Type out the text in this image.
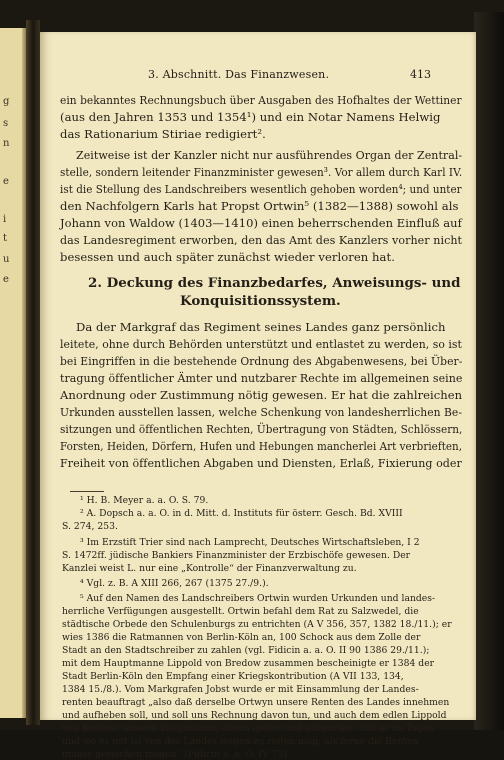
g
s
n
e
i
t
u
e
3. Abschnitt. Das Finanzwesen.	413
ein bekanntes Rechnungsbuch über Ausgaben des Hofhaltes der Wettiner
(aus den Jahren 1353 und 1354¹) und ein Notar Namens Helwig
das Rationarium Stiriae redigiert².
Zeitweise ist der Kanzler nicht nur ausführendes Organ der Zentral-
stelle, sondern leitender Finanzminister gewesen³. Vor allem durch Karl IV.
ist die Stellung des Landschreibers wesentlich gehoben worden⁴; und unter
den Nachfolgern Karls hat Propst Ortwin⁵ (1382—1388) sowohl als
Johann von Waldow (1403—1410) einen beherrschenden Einfluß auf
das Landesregiment erworben, den das Amt des Kanzlers vorher nicht
besessen und auch später zunächst wieder verloren hat.
2. Deckung des Finanzbedarfes, Anweisungs- und
Konquisitionssystem.
Da der Markgraf das Regiment seines Landes ganz persönlich
leitete, ohne durch Behörden unterstützt und entlastet zu werden, so ist
bei Eingriffen in die bestehende Ordnung des Abgabenwesens, bei Über-
tragung öffentlicher Ämter und nutzbarer Rechte im allgemeinen seine
Anordnung oder Zustimmung nötig gewesen. Er hat die zahlreichen
Urkunden ausstellen lassen, welche Schenkung von landesherrlichen Be-
sitzungen und öffentlichen Rechten, Übertragung von Städten, Schlössern,
Forsten, Heiden, Dörfern, Hufen und Hebungen mancherlei Art verbrieften,
Freiheit von öffentlichen Abgaben und Diensten, Erlaß, Fixierung oder
¹ H. B. Meyer a. a. O. S. 79.
² A. Dopsch a. a. O. in d. Mitt. d. Instituts für österr. Gesch. Bd. XVIII
S. 274, 253.
³ Im Erzstift Trier sind nach Lamprecht, Deutsches Wirtschaftsleben, I 2
S. 1472ff. jüdische Bankiers Finanzminister der Erzbischöfe gewesen. Der
Kanzlei weist L. nur eine „Kontrolle“ der Finanzverwaltung zu.
⁴ Vgl. z. B. A XIII 266, 267 (1375 27./9.).
⁵ Auf den Namen des Landschreibers Ortwin wurden Urkunden und landes-
herrliche Verfügungen ausgestellt. Ortwin befahl dem Rat zu Salzwedel, die
städtische Orbede den Schulenburgs zu entrichten (A V 356, 357, 1382 18./11.); er
wies 1386 die Ratmannen von Berlin-Köln an, 100 Schock aus dem Zolle der
Stadt an den Stadtschreiber zu zahlen (vgl. Fidicin a. a. O. II 90 1386 29./11.);
mit dem Hauptmanne Lippold von Bredow zusammen bescheinigte er 1384 der
Stadt Berlin-Köln den Empfang einer Kriegskontribution (A VII 133, 134,
1384 15./8.). Vom Markgrafen Jobst wurde er mit Einsammlung der Landes-
renten beauftragt „also daß derselbe Ortwyn unsere Renten des Landes innehmen
und aufheben soll, und soll uns Rechnung davon tun, und auch dem edlen Lippold
von Bredow, unserm Hauptmann, davon geben und antworten, daß er zu Tagen
und wo es not ist von des Landes wegen zu reiten mag, als ferne die Renten
immer gereichen mögen“ (Fidicin a. a. O. IV 73).
